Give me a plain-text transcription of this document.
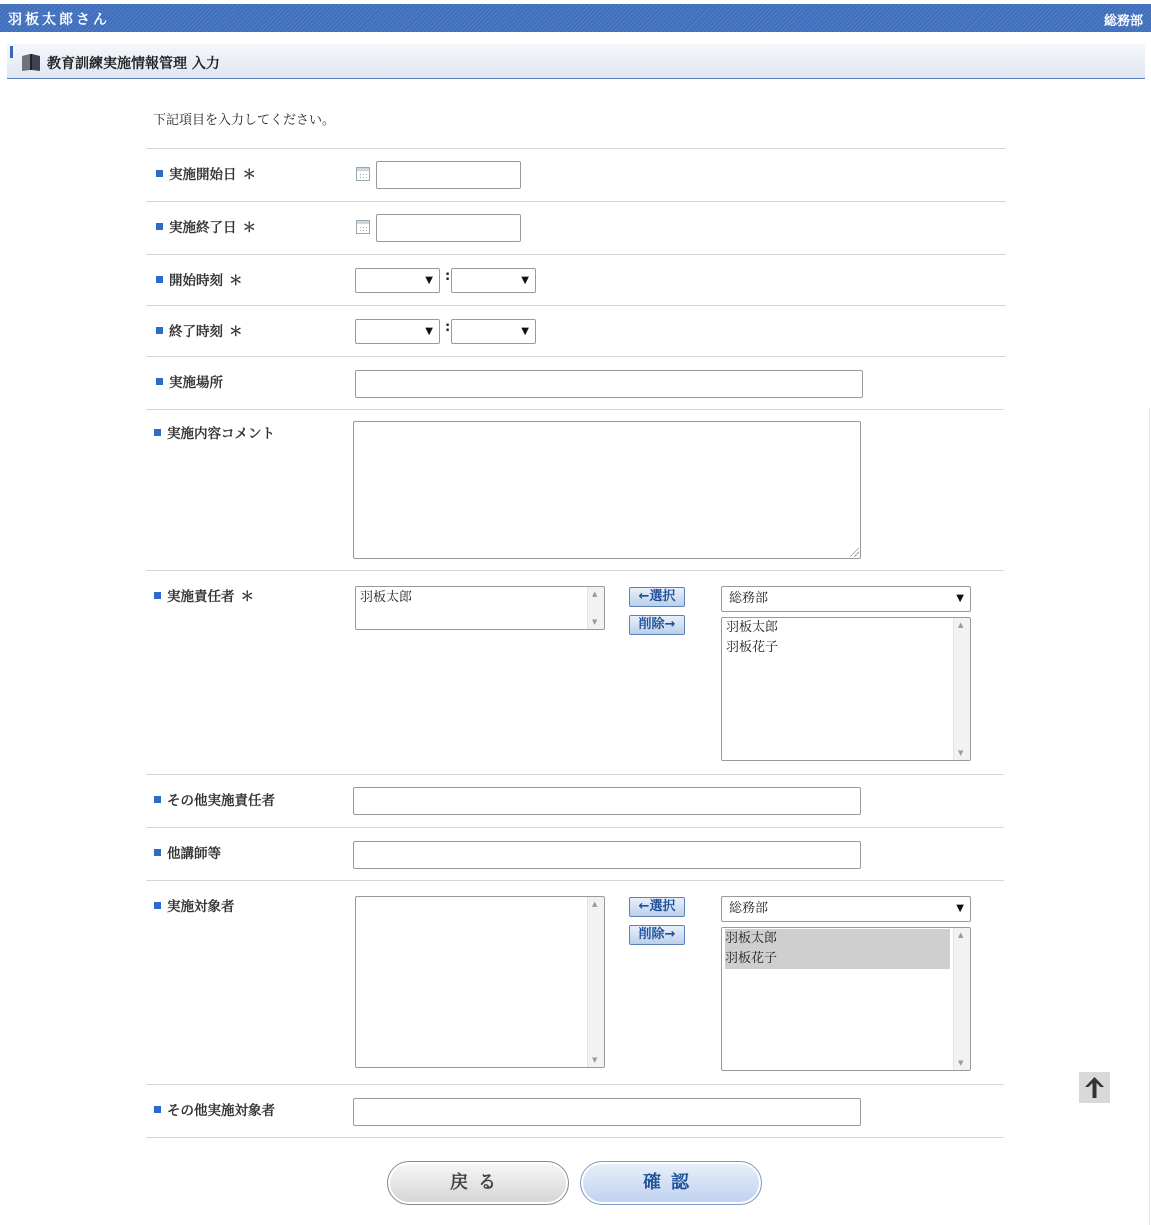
羽板太郎さん	総務部
教育訓練実施情報管理 入力
下記項目を入力してください。
実施開始日 ＊
実施終了日 ＊
開始時刻 ＊	▼ :	▼
終了時刻 ＊	▼ :	▼
実施場所
実施内容コメント
実施責任者 ＊	羽板太郎	▲
▼
←選択
削除→
総務部	▼
羽板太郎
羽板花子
▲
▼
その他実施責任者
他講師等
実施対象者	▲
▼
←選択
削除→
総務部	▼
羽板太郎
羽板花子
▲
▼
その他実施対象者
戻る	確認
